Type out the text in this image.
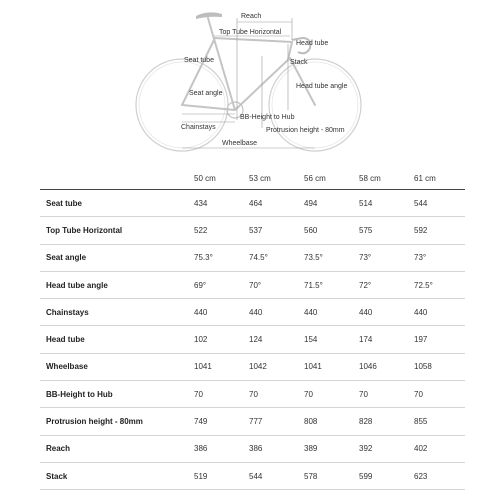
Reach
Top Tube Horizontal
Head tube
Seat tube	Stack
Head tube angle
Seat angle
BB-Height to Hub
Chainstays	Protrusion height - 80mm
Wheelbase
	50 cm	53 cm	56 cm	58 cm	61 cm
Seat tube	434	464	494	514	544
Top Tube Horizontal	522	537	560	575	592
Seat angle	75.3°	74.5°	73.5°	73°	73°
Head tube angle	69°	70°	71.5°	72°	72.5°
Chainstays	440	440	440	440	440
Head tube	102	124	154	174	197
Wheelbase	1041	1042	1041	1046	1058
BB-Height to Hub	70	70	70	70	70
Protrusion height - 80mm	749	777	808	828	855
Reach	386	386	389	392	402
Stack	519	544	578	599	623
